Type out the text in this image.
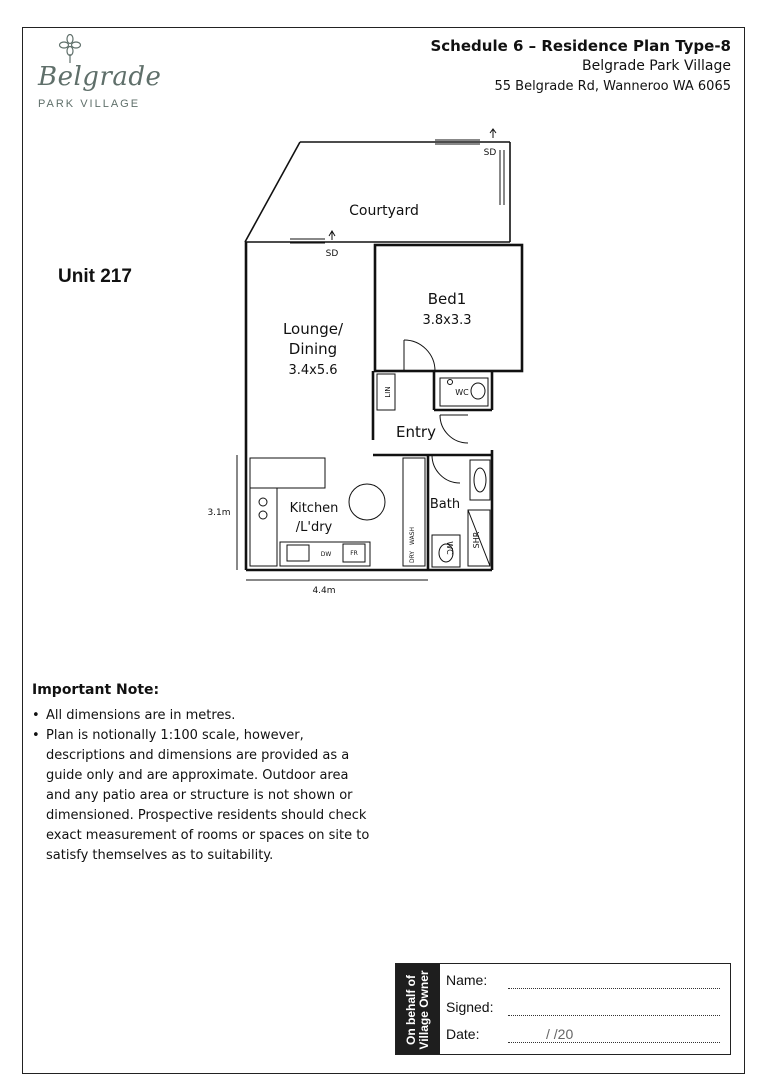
Belgrade
PARK VILLAGE
Schedule 6 – Residence Plan Type-8
Belgrade Park Village
55 Belgrade Rd, Wanneroo WA 6065
Unit 217
Courtyard
SD
SD
LIN	WC
DW	FR
WASH
DRY
SHR
WC
Bed1
3.8x3.3
Lounge/
Dining
3.4x5.6
Entry
Kitchen
/L'dry
Bath
3.1m
4.4m
Important Note:
• All dimensions are in metres.
• Plan is notionally 1:100 scale, however, descriptions and dimensions are provided as a guide only and are approximate. Outdoor area and any patio area or structure is not shown or dimensioned. Prospective residents should check exact measurement of rooms or spaces on site to satisfy themselves as to suitability.
On behalf of Village Owner Name:
Signed:
Date:	/ /20
